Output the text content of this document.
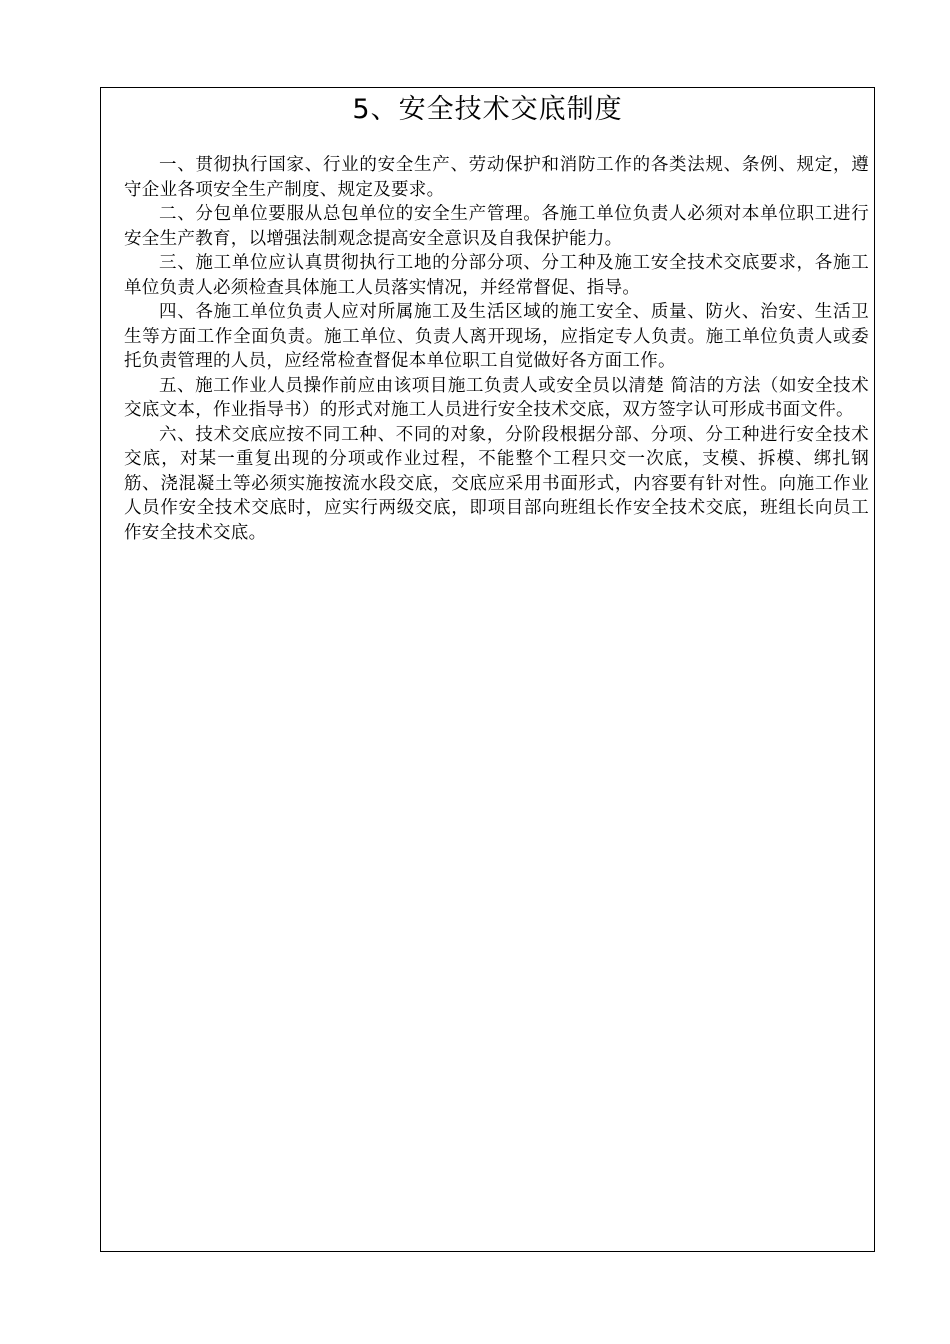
5、安全技术交底制度

一、贯彻执行国家、行业的安全生产、劳动保护和消防工作的各类法规、条例、规定，遵守企业各项安全生产制度、规定及要求。

二、分包单位要服从总包单位的安全生产管理。各施工单位负责人必须对本单位职工进行安全生产教育，以增强法制观念提高安全意识及自我保护能力。

三、施工单位应认真贯彻执行工地的分部分项、分工种及施工安全技术交底要求，各施工单位负责人必须检查具体施工人员落实情况，并经常督促、指导。

四、各施工单位负责人应对所属施工及生活区域的施工安全、质量、防火、治安、生活卫生等方面工作全面负责。施工单位、负责人离开现场，应指定专人负责。施工单位负责人或委托负责管理的人员，应经常检查督促本单位职工自觉做好各方面工作。

五、施工作业人员操作前应由该项目施工负责人或安全员以清楚 简洁的方法（如安全技术交底文本，作业指导书）的形式对施工人员进行安全技术交底，双方签字认可形成书面文件。

六、技术交底应按不同工种、不同的对象，分阶段根据分部、分项、分工种进行安全技术交底，对某一重复出现的分项或作业过程，不能整个工程只交一次底，支模、拆模、绑扎钢筋、浇混凝土等必须实施按流水段交底，交底应采用书面形式，内容要有针对性。向施工作业人员作安全技术交底时，应实行两级交底，即项目部向班组长作安全技术交底，班组长向员工作安全技术交底。
